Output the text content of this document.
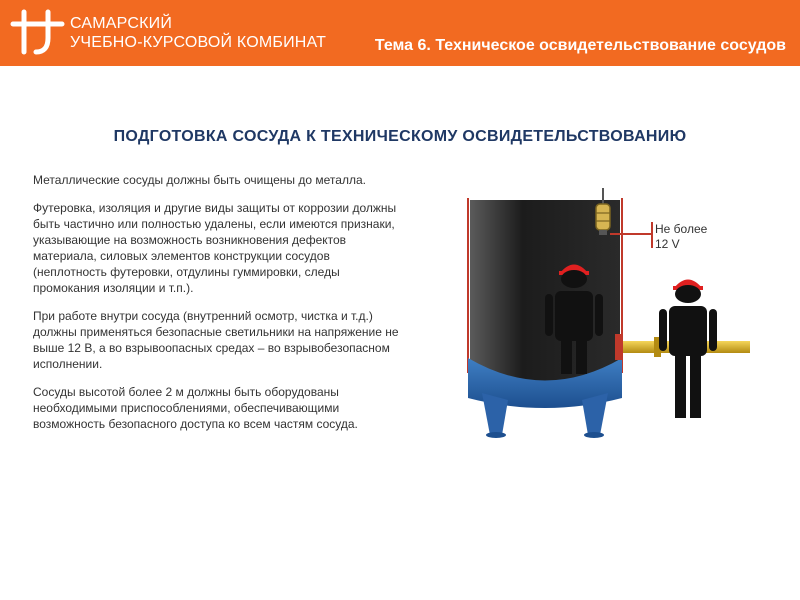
САМАРСКИЙ
УЧЕБНО-КУРСОВОЙ КОМБИНАТ	Тема 6. Техническое освидетельствование сосудов
ПОДГОТОВКА СОСУДА К ТЕХНИЧЕСКОМУ ОСВИДЕТЕЛЬСТВОВАНИЮ

Металлические сосуды должны быть очищены до металла.

Футеровка, изоляция и другие виды защиты от коррозии должны быть частично или полностью удалены, если имеются признаки, указывающие на возможность возникновения дефектов материала, силовых элементов конструкции сосудов (неплотность футеровки, отдулины гуммировки, следы промокания изоляции и т.п.).

При работе внутри сосуда (внутренний осмотр, чистка и т.д.) должны применяться безопасные светильники на напряжение не выше 12 В, а во взрывоопасных средах – во взрывобезопасном исполнении.

Сосуды высотой более 2 м должны быть оборудованы необходимыми приспособлениями, обеспечивающими возможность безопасного доступа ко всем частям сосуда.

Не более
12 V
